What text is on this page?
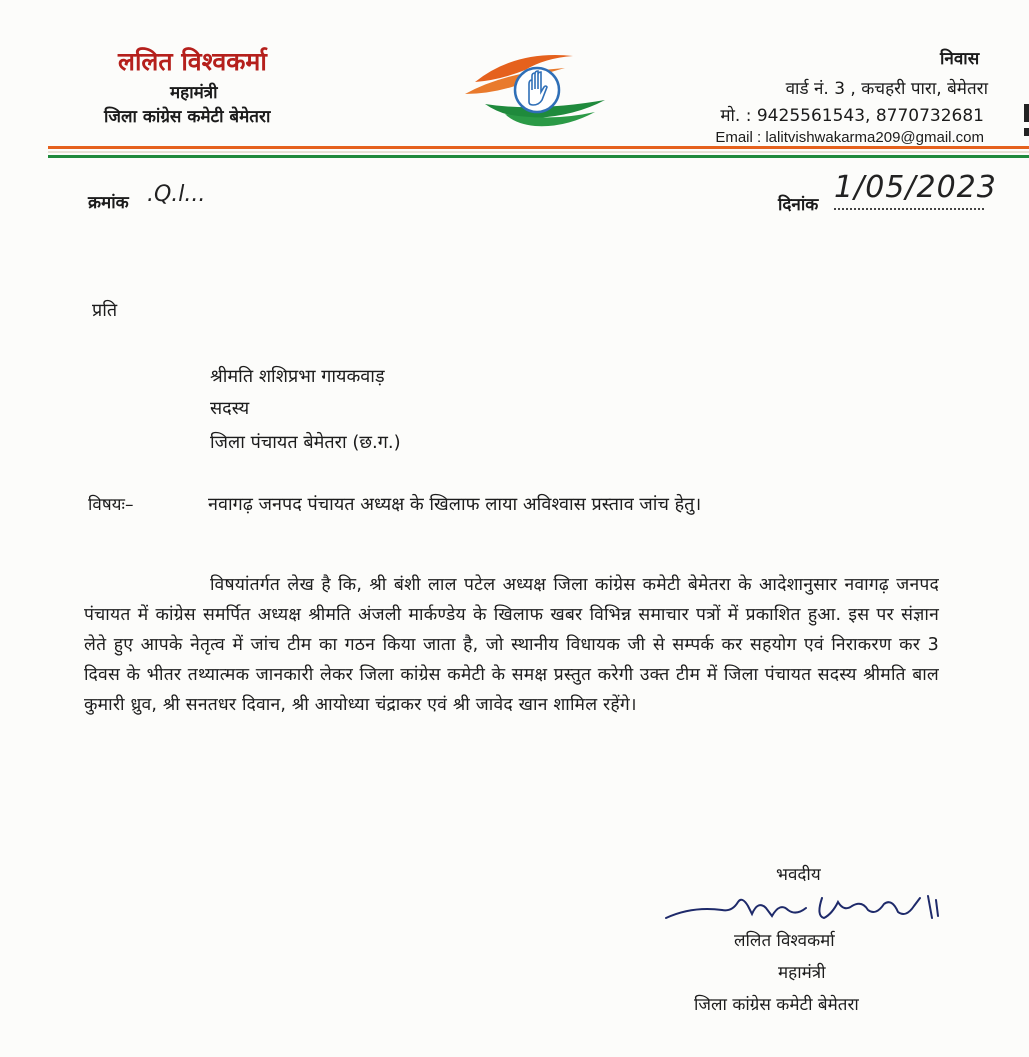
ललित विश्वकर्मा
महामंत्री
जिला कांग्रेस कमेटी बेमेतरा
निवास
वार्ड नं. 3 , कचहरी पारा, बेमेतरा
मो. : 9425561543, 8770732681
Email : lalitvishwakarma209@gmail.com
क्रमांक .Q.l...	दिनांक 1/05/2023
प्रति
श्रीमति शशिप्रभा गायकवाड़
सदस्य
जिला पंचायत बेमेतरा (छ.ग.)
विषयः–	नवागढ़ जनपद पंचायत अध्यक्ष के खिलाफ लाया अविश्वास प्रस्ताव जांच हेतु।
विषयांतर्गत लेख है कि, श्री बंशी लाल पटेल अध्यक्ष जिला कांग्रेस कमेटी बेमेतरा के आदेशानुसार नवागढ़ जनपद पंचायत में कांग्रेस समर्पित अध्यक्ष श्रीमति अंजली मार्कण्डेय के खिलाफ खबर विभिन्न समाचार पत्रों में प्रकाशित हुआ. इस पर संज्ञान लेते हुए आपके नेतृत्व में जांच टीम का गठन किया जाता है, जो स्थानीय विधायक जी से सम्पर्क कर सहयोग एवं निराकरण कर 3 दिवस के भीतर तथ्यात्मक जानकारी लेकर जिला कांग्रेस कमेटी के समक्ष प्रस्तुत करेगी उक्त टीम में जिला पंचायत सदस्य श्रीमति बाल कुमारी ध्रुव, श्री सनतधर दिवान, श्री आयोध्या चंद्राकर एवं श्री जावेद खान शामिल रहेंगे।
भवदीय
ललित विश्वकर्मा
महामंत्री
जिला कांग्रेस कमेटी बेमेतरा
